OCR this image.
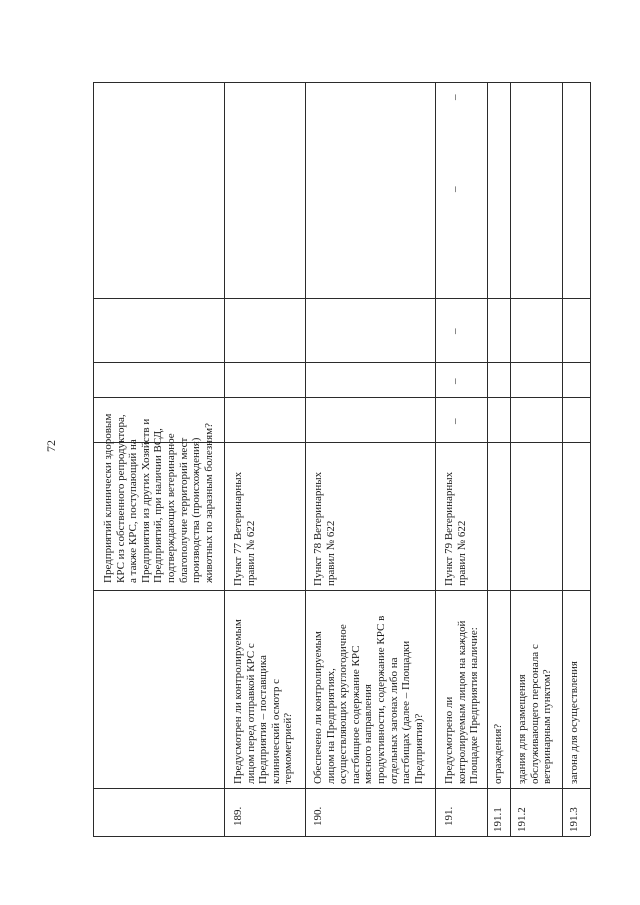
72
Предприятий клинически здоровым
КРС из собственного репродуктора,
а также КРС, поступающий на
Предприятия из других Хозяйств и
Предприятий, при наличии ВСД,
подтверждающих ветеринарное
благополучие территорий мест
производства (происхождения)
животных по заразным болезням?
189.
Предусмотрен ли контролируемым
лицом перед отправкой КРС с
Предприятия – поставщика
клинический осмотр с
термометрией?
Пункт 77 Ветеринарных
правил № 622
190.
Обеспечено ли контролируемым
лицом на Предприятиях,
осуществляющих круглогодичное
пастбищное содержание КРС
мясного направления
продуктивности, содержание КРС в
отдельных загонах либо на
пастбищах (далее – Площадки
Предприятия)?
Пункт 78 Ветеринарных
правил № 622
191.
Предусмотрено ли
контролируемым лицом на каждой
Площадке Предприятия наличие:
Пункт 79 Ветеринарных
правил № 622
–
–
–
–
–
191.1
ограждения?
191.2
здания для размещения
обслуживающего персонала с
ветеринарным пунктом?
191.3
загона для осуществления
